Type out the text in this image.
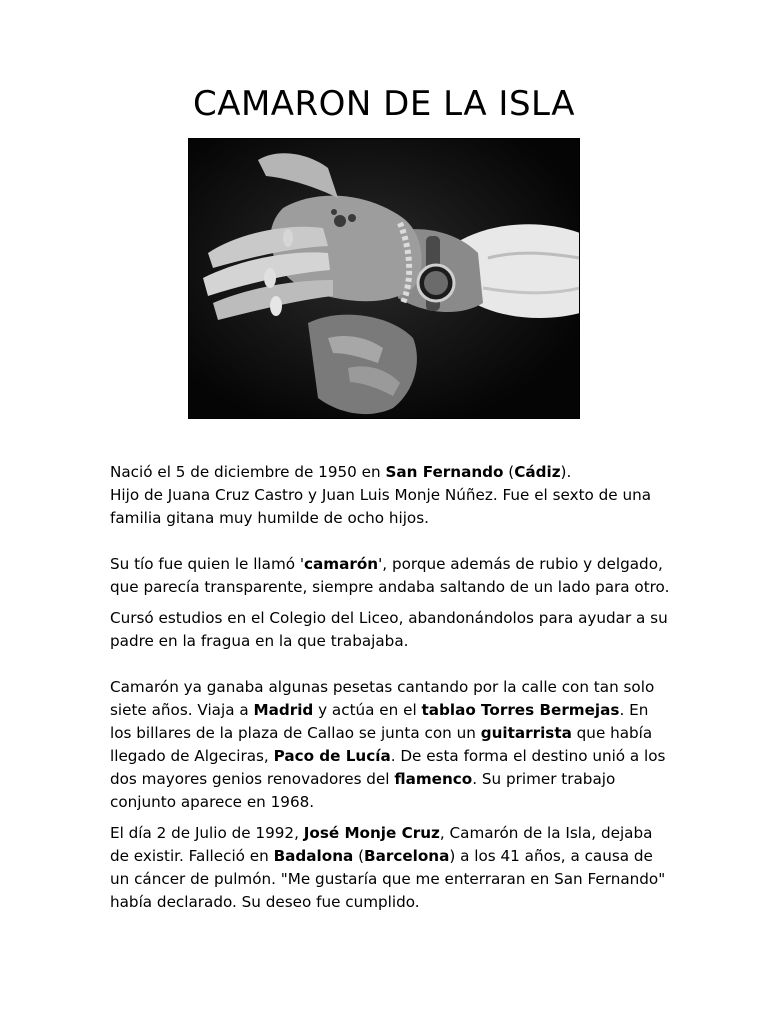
CAMARON DE LA ISLA

Nació el 5 de diciembre de 1950 en San Fernando (Cádiz).
Hijo de Juana Cruz Castro y Juan Luis Monje Núñez. Fue el sexto de una familia gitana muy humilde de ocho hijos.

Su tío fue quien le llamó 'camarón', porque además de rubio y delgado, que parecía transparente, siempre andaba saltando de un lado para otro.

Cursó estudios en el Colegio del Liceo, abandonándolos para ayudar a su padre en la fragua en la que trabajaba.

Camarón ya ganaba algunas pesetas cantando por la calle con tan solo siete años. Viaja a Madrid y actúa en el tablao Torres Bermejas. En los billares de la plaza de Callao se junta con un guitarrista que había llegado de Algeciras, Paco de Lucía. De esta forma el destino unió a los dos mayores genios renovadores del flamenco. Su primer trabajo conjunto aparece en 1968.

El día 2 de Julio de 1992, José Monje Cruz, Camarón de la Isla, dejaba de existir. Falleció en Badalona (Barcelona) a los 41 años, a causa de un cáncer de pulmón. "Me gustaría que me enterraran en San Fernando" había declarado. Su deseo fue cumplido.
